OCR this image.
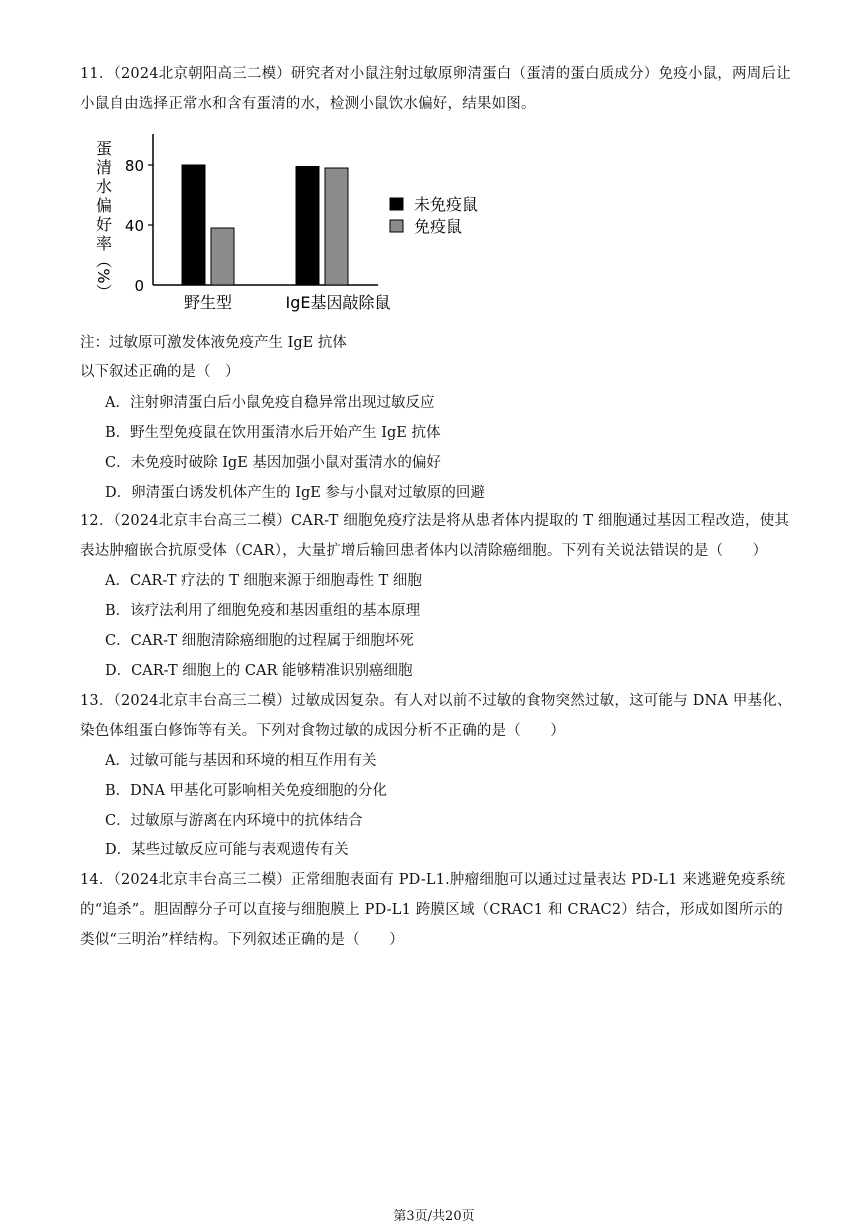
11．（2024北京朝阳高三二模）研究者对小鼠注射过敏原卵清蛋白（蛋清的蛋白质成分）免疫小鼠，两周后让小鼠自由选择正常水和含有蛋清的水，检测小鼠饮水偏好，结果如图。
蛋
清
水
偏
好
率
（%） 0
40
80
野生型	IgE基因敲除鼠
未免疫鼠
免疫鼠
注：过敏原可激发体液免疫产生 IgE 抗体
以下叙述正确的是（　）
A．注射卵清蛋白后小鼠免疫自稳异常出现过敏反应
B．野生型免疫鼠在饮用蛋清水后开始产生 IgE 抗体
C．未免疫时破除 IgE 基因加强小鼠对蛋清水的偏好
D．卵清蛋白诱发机体产生的 IgE 参与小鼠对过敏原的回避
12．（2024北京丰台高三二模）CAR-T 细胞免疫疗法是将从患者体内提取的 T 细胞通过基因工程改造，使其表达肿瘤嵌合抗原受体（CAR），大量扩增后输回患者体内以清除癌细胞。下列有关说法错误的是（　　）
A．CAR-T 疗法的 T 细胞来源于细胞毒性 T 细胞
B．该疗法利用了细胞免疫和基因重组的基本原理
C．CAR-T 细胞清除癌细胞的过程属于细胞坏死
D．CAR-T 细胞上的 CAR 能够精准识别癌细胞
13．（2024北京丰台高三二模）过敏成因复杂。有人对以前不过敏的食物突然过敏，这可能与 DNA 甲基化、染色体组蛋白修饰等有关。下列对食物过敏的成因分析不正确的是（　　）
A．过敏可能与基因和环境的相互作用有关
B．DNA 甲基化可影响相关免疫细胞的分化
C．过敏原与游离在内环境中的抗体结合
D．某些过敏反应可能与表观遗传有关
14．（2024北京丰台高三二模）正常细胞表面有 PD-L1.肿瘤细胞可以通过过量表达 PD-L1 来逃避免疫系统的“追杀”。胆固醇分子可以直接与细胞膜上 PD-L1 跨膜区域（CRAC1 和 CRAC2）结合，形成如图所示的类似“三明治”样结构。下列叙述正确的是（　　）
第3页/共20页
